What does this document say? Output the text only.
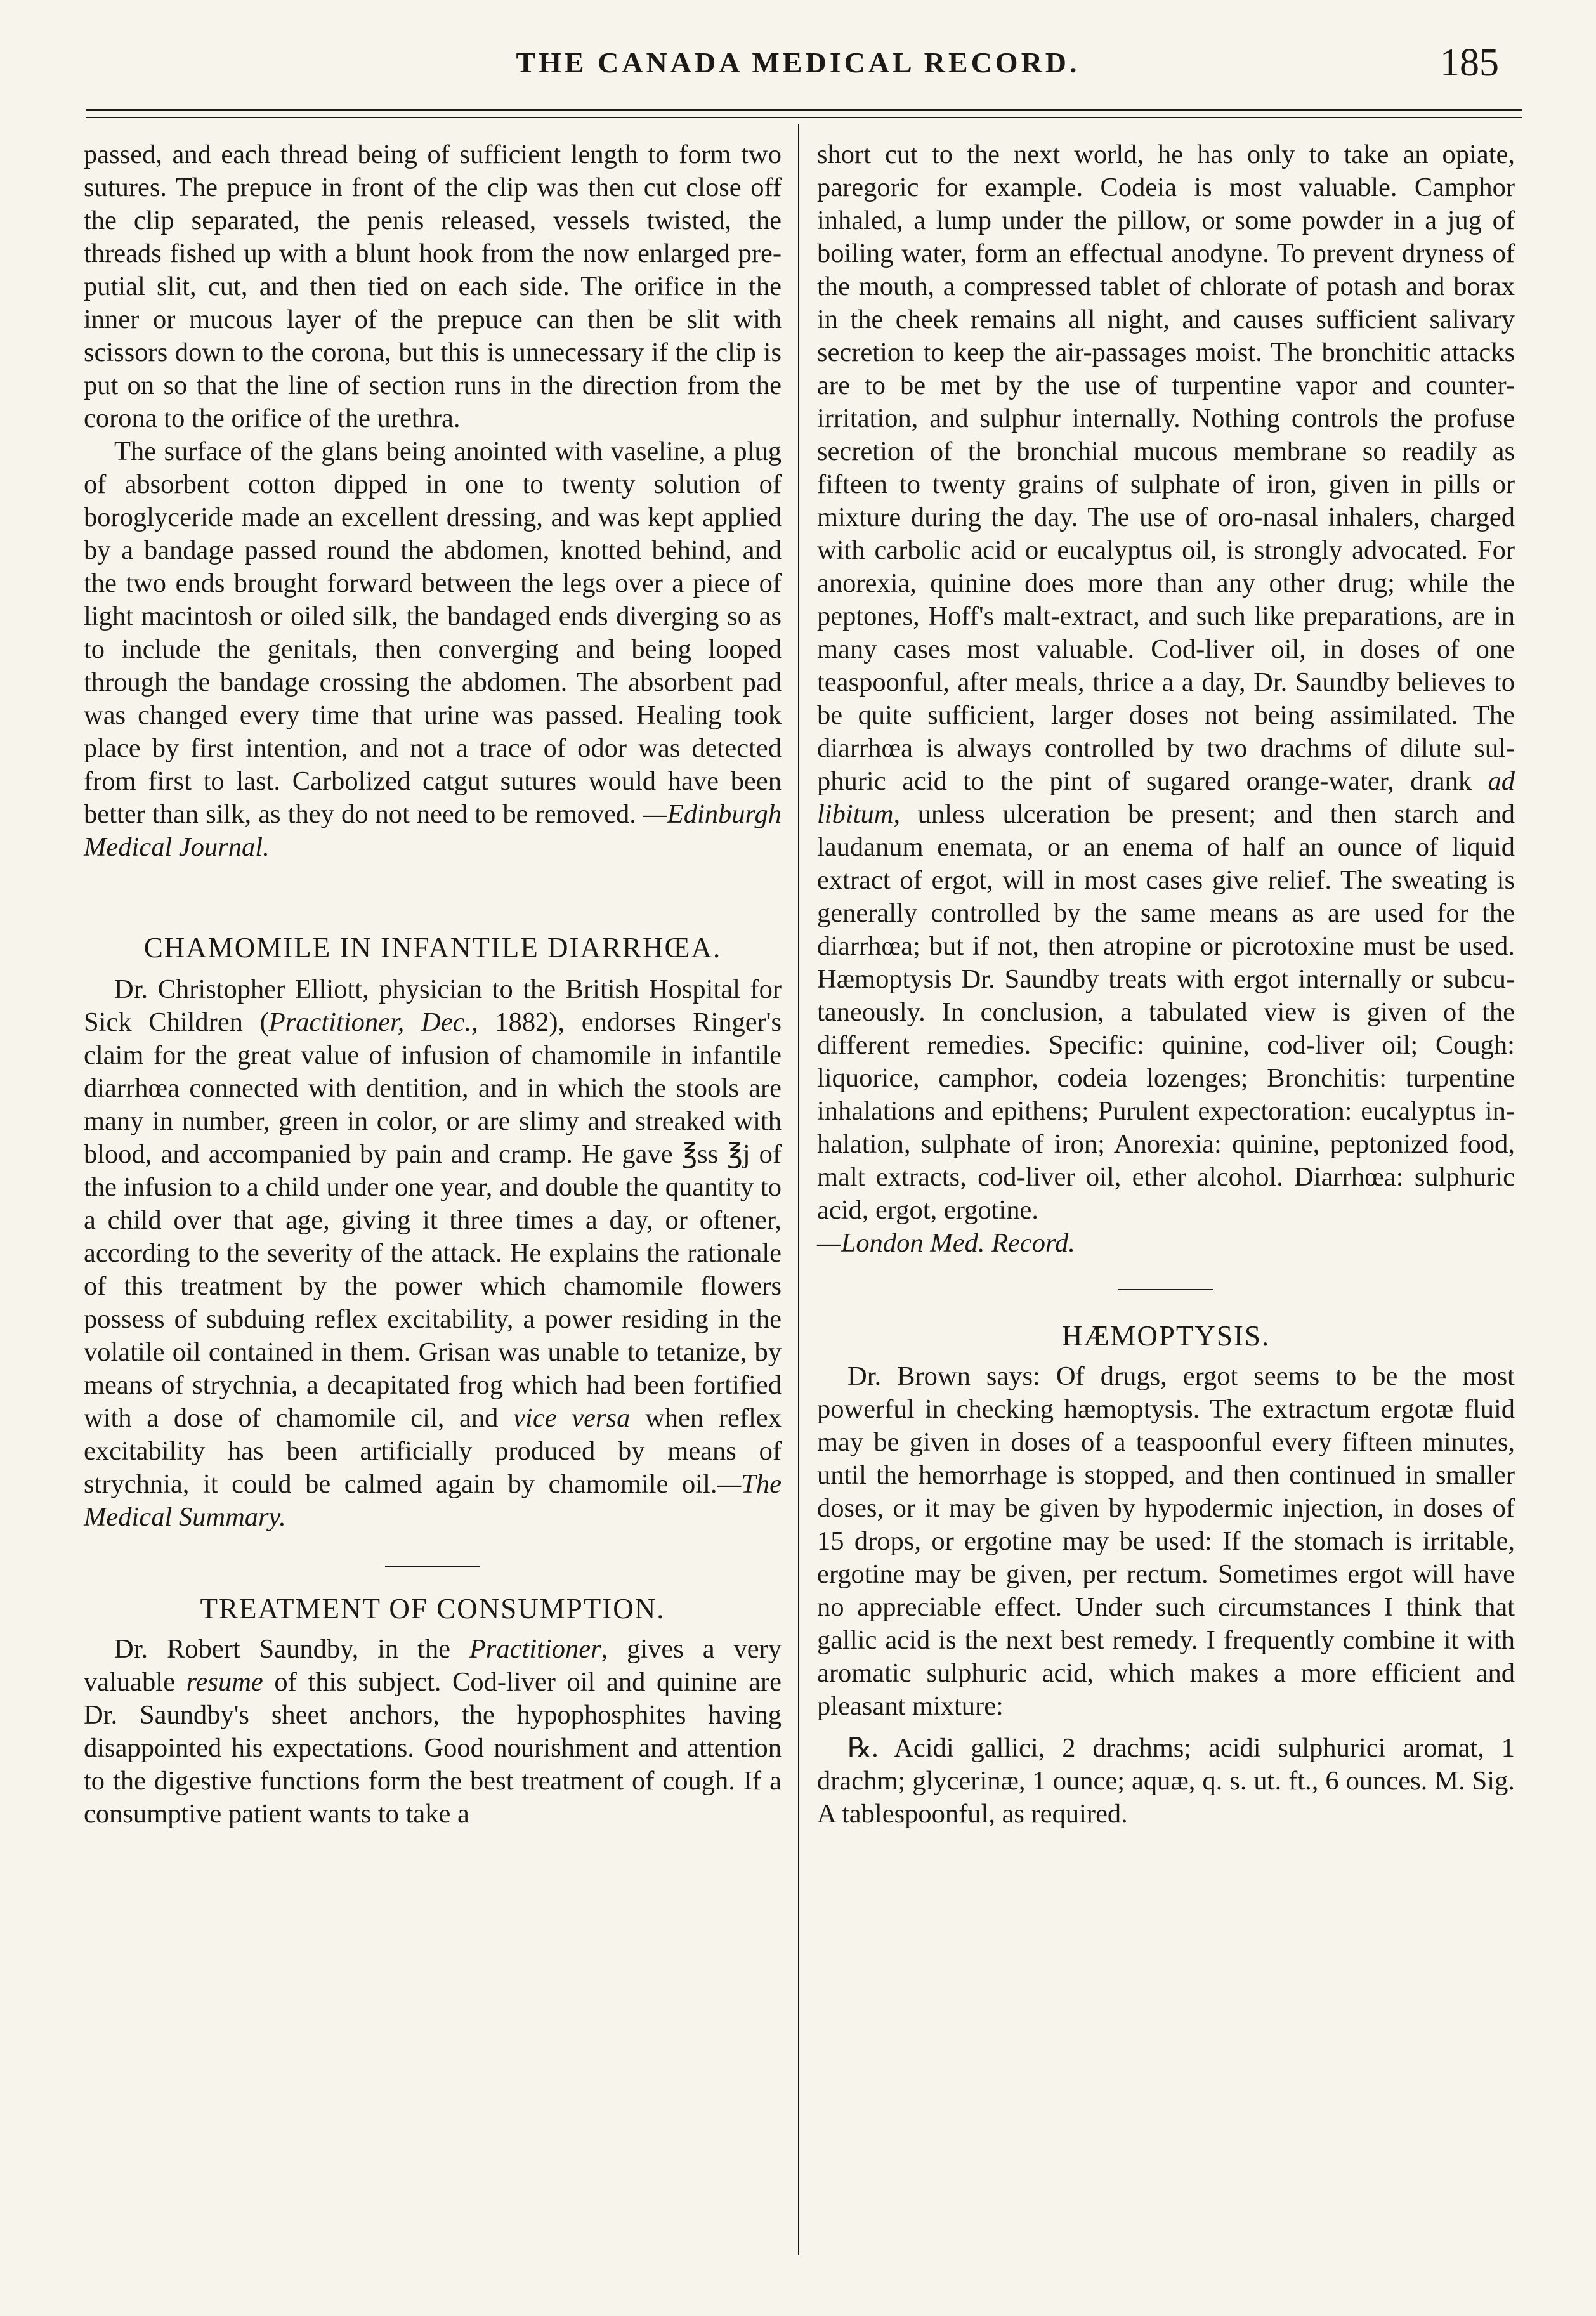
THE CANADA MEDICAL RECORD.	185

passed, and each thread being of sufficient length to form two sutures. The prepuce in front of the clip was then cut close off the clip separated, the penis released, vessels twisted, the threads fished up with a blunt hook from the now enlarged preputial slit, cut, and then tied on each side. The orifice in the inner or mucous layer of the prepuce can then be slit with scissors down to the corona, but this is unnecessary if the clip is put on so that the line of section runs in the direction from the corona to the orifice of the urethra.

The surface of the glans being anointed with vaseline, a plug of absorbent cotton dipped in one to twenty solution of boroglyceride made an excellent dressing, and was kept applied by a bandage passed round the abdomen, knotted behind, and the two ends brought forward between the legs over a piece of light macintosh or oiled silk, the bandaged ends diverging so as to include the genitals, then converging and being looped through the bandage crossing the abdomen. The absorbent pad was changed every time that urine was passed. Healing took place by first intention, and not a trace of odor was detected from first to last. Carbolized catgut sutures would have been better than silk, as they do not need to be removed. —Edinburgh Medical Journal.

CHAMOMILE IN INFANTILE DIARRHŒA.

Dr. Christopher Elliott, physician to the British Hospital for Sick Children (Practitioner, Dec., 1882), endorses Ringer's claim for the great value of infusion of chamomile in infantile diarrhœa connected with dentition, and in which the stools are many in number, green in color, or are slimy and streaked with blood, and accompanied by pain and cramp. He gave ℥ss ℥j of the infusion to a child under one year, and double the quantity to a child over that age, giving it three times a day, or oftener, according to the severity of the attack. He explains the rationale of this treatment by the power which chamomile flowers possess of subduing reflex excitability, a power residing in the volatile oil contained in them. Grisan was unable to tetanize, by means of strychnia, a decapitated frog which had been fortified with a dose of chamomile cil, and vice versa when reflex excitability has been artificially produced by means of strychnia, it could be calmed again by chamomile oil.—The Medical Summary.

TREATMENT OF CONSUMPTION.

Dr. Robert Saundby, in the Practitioner, gives a very valuable resume of this subject. Cod-liver oil and quinine are Dr. Saundby's sheet anchors, the hypophosphites having disappointed his expectations. Good nourishment and attention to the digestive functions form the best treatment of cough. If a consumptive patient wants to take a

short cut to the next world, he has only to take an opiate, paregoric for example. Codeia is most valuable. Camphor inhaled, a lump under the pillow, or some powder in a jug of boiling water, form an effectual anodyne. To prevent dryness of the mouth, a compressed tablet of chlorate of potash and borax in the cheek remains all night, and causes sufficient salivary secretion to keep the air-passages moist. The bronchitic attacks are to be met by the use of turpentine vapor and counter-irritation, and sulphur internally. Nothing controls the profuse secretion of the bronchial mucous membrane so readily as fifteen to twenty grains of sulphate of iron, given in pills or mixture during the day. The use of oro-nasal inhalers, charged with carbolic acid or eucalyptus oil, is strongly advocated. For anorexia, quinine does more than any other drug; while the peptones, Hoff's malt-extract, and such like preparations, are in many cases most valuable. Cod-liver oil, in doses of one teaspoonful, after meals, thrice a a day, Dr. Saundby believes to be quite sufficient, larger doses not being assimilated. The diarrhœa is always controlled by two drachms of dilute sulphuric acid to the pint of sugared orange-water, drank ad libitum, unless ulceration be present; and then starch and laudanum enemata, or an enema of half an ounce of liquid extract of ergot, will in most cases give relief. The sweating is generally controlled by the same means as are used for the diarrhœa; but if not, then atropine or picrotoxine must be used. Hæmoptysis Dr. Saundby treats with ergot internally or subcutaneously. In conclusion, a tabulated view is given of the different remedies. Specific: quinine, cod-liver oil; Cough: liquorice, camphor, codeia lozenges; Bronchitis: turpentine inhalations and epithens; Purulent expectoration: eucalyptus inhalation, sulphate of iron; Anorexia: quinine, peptonized food, malt extracts, cod-liver oil, ether alcohol. Diarrhœa: sulphuric acid, ergot, ergotine.
—London Med. Record.

HÆMOPTYSIS.

Dr. Brown says: Of drugs, ergot seems to be the most powerful in checking hæmoptysis. The extractum ergotæ fluid may be given in doses of a teaspoonful every fifteen minutes, until the hemorrhage is stopped, and then continued in smaller doses, or it may be given by hypodermic injection, in doses of 15 drops, or ergotine may be used: If the stomach is irritable, ergotine may be given, per rectum. Sometimes ergot will have no appreciable effect. Under such circumstances I think that gallic acid is the next best remedy. I frequently combine it with aromatic sulphuric acid, which makes a more efficient and pleasant mixture:

℞. Acidi gallici, 2 drachms; acidi sulphurici aromat, 1 drachm; glycerinæ, 1 ounce; aquæ, q. s. ut. ft., 6 ounces. M. Sig. A tablespoonful, as required.
